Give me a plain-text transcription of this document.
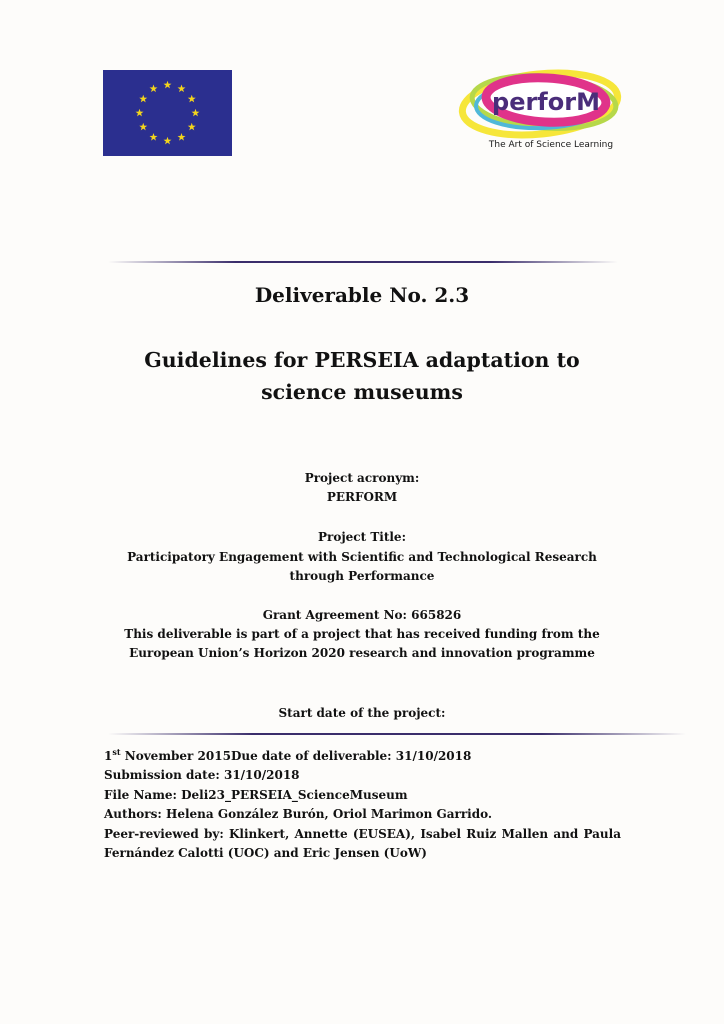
perforM
The Art of Science Learning
Deliverable No. 2.3
Guidelines for PERSEIA adaptation to science museums
Project acronym:
PERFORM
Project Title:
Participatory Engagement with Scientific and Technological Research through Performance
Grant Agreement No: 665826
This deliverable is part of a project that has received funding from the European Union’s Horizon 2020 research and innovation programme
Start date of the project:
1st November 2015Due date of deliverable: 31/10/2018
Submission date: 31/10/2018
File Name: Deli23_PERSEIA_ScienceMuseum
Authors: Helena González Burón, Oriol Marimon Garrido.
Peer-reviewed by: Klinkert, Annette (EUSEA), Isabel Ruiz Mallen and Paula Fernández Calotti (UOC) and Eric Jensen (UoW)
